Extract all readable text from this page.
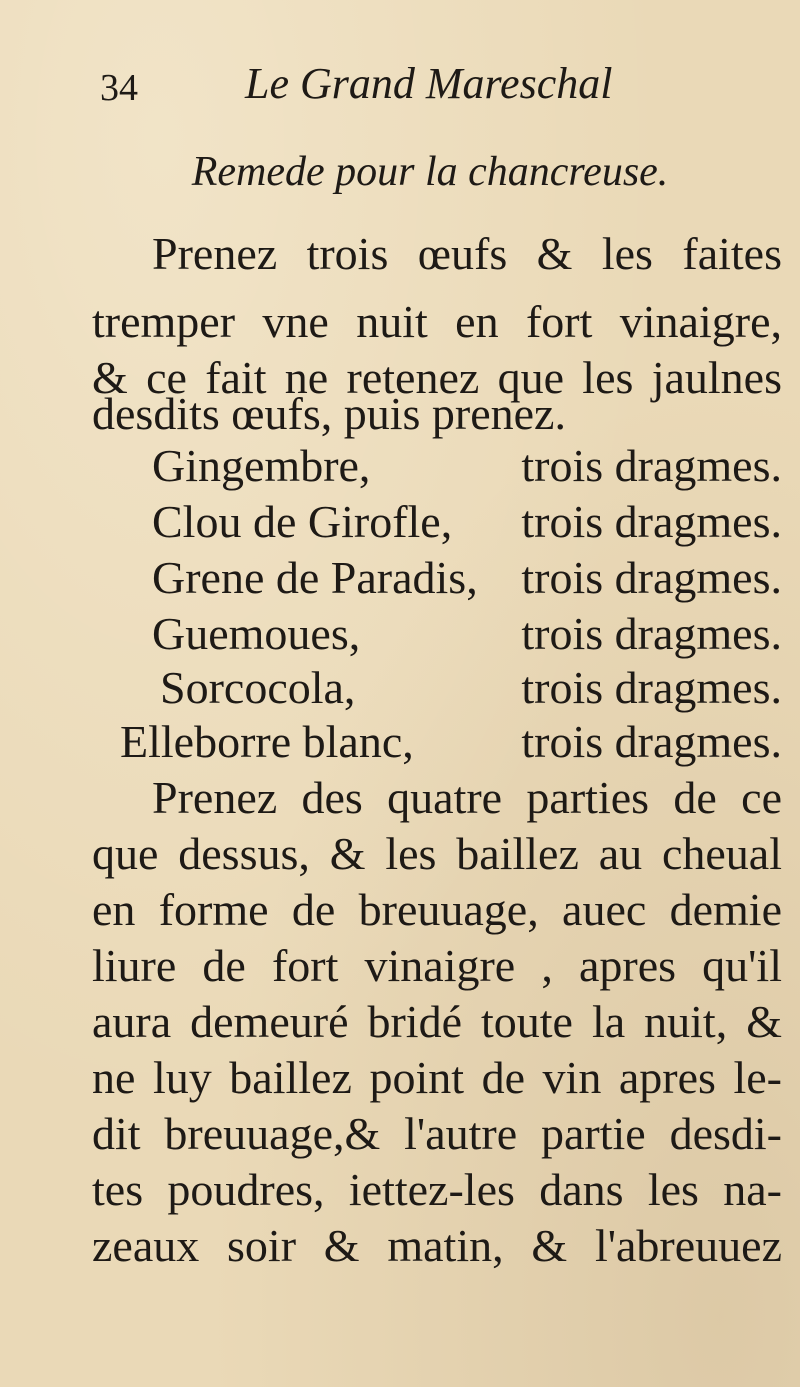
34 Le Grand Mareschal
Remede pour la chancreuse.
Prenez trois œufs & les faites
tremper vne nuit en fort vinaigre,
& ce fait ne retenez que les jaulnes
desdits œufs, puis prenez.
Gingembre,	trois dragmes.
Clou de Girofle, trois dragmes.
Grene de Paradis, trois dragmes.
Guemoues,	trois dragmes.
Sorcocola,	trois dragmes.
Elleborre blanc, trois dragmes.
Prenez des quatre parties de ce
que dessus, & les baillez au cheual
en forme de breuuage, auec demie
liure de fort vinaigre , apres qu'il
aura demeuré bridé toute la nuit, &
ne luy baillez point de vin apres le-
dit breuuage,& l'autre partie desdi-
tes poudres, iettez-les dans les na-
zeaux soir & matin, & l'abreuuez
